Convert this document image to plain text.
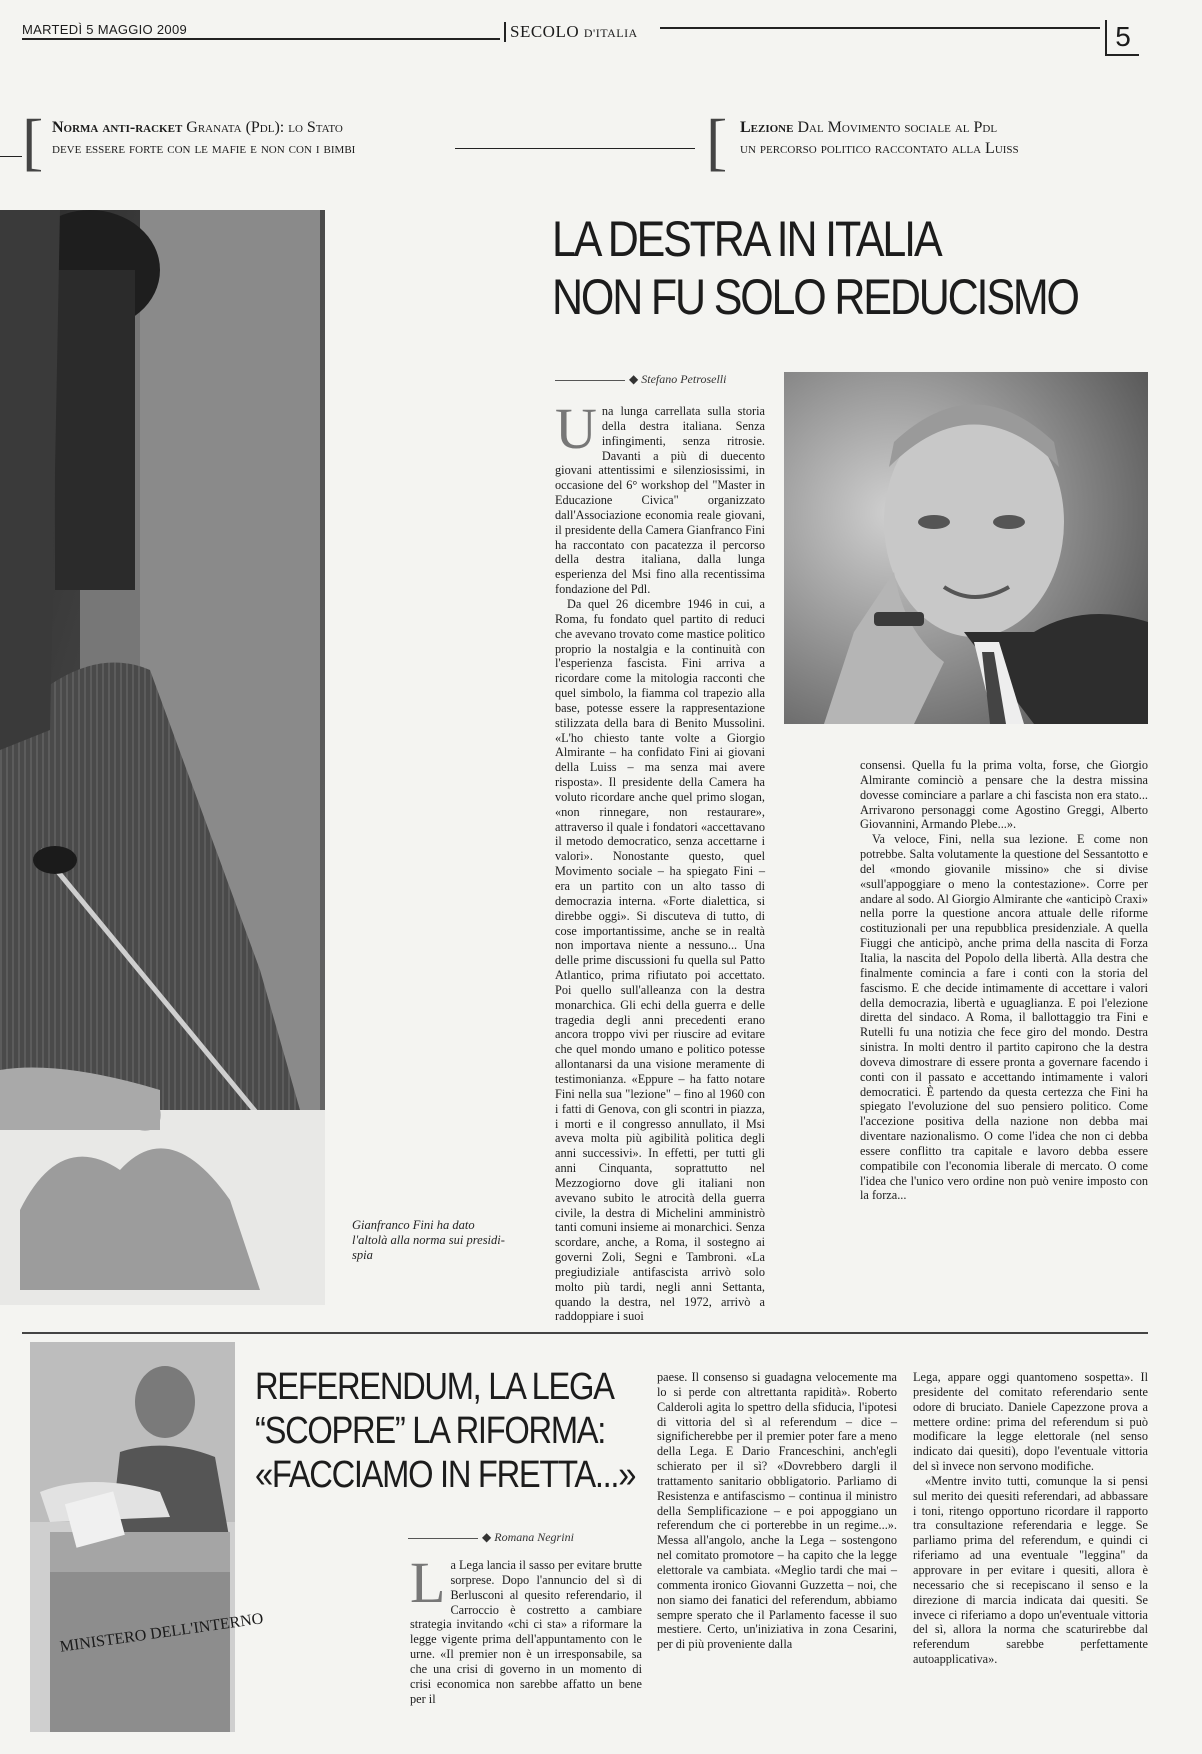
MARTEDÌ 5 MAGGIO 2009	SECOLO D'ITALIA	5
[ Norma anti-racket Granata (Pdl): lo Stato
deve essere forte con le mafie e non con i bimbi	[ Lezione Dal Movimento sociale al Pdl
un percorso politico raccontato alla Luiss
Gianfranco Fini ha dato l'altolà alla norma sui presidi-spia
LA DESTRA IN ITALIA
NON FU SOLO REDUCISMO
◆ Stefano Petroselli
U na lunga carrellata sulla storia della destra italiana. Senza infingimenti, senza ritrosie. Davanti a più di duecento giovani attentissimi e silenziosissimi, in occasione del 6° workshop del "Master in Educazione Civica" organizzato dall'Associazione economia reale giovani, il presidente della Camera Gianfranco Fini ha raccontato con pacatezza il percorso della destra italiana, dalla lunga esperienza del Msi fino alla recentissima fondazione del Pdl.

Da quel 26 dicembre 1946 in cui, a Roma, fu fondato quel partito di reduci che avevano trovato come mastice politico proprio la nostalgia e la continuità con l'esperienza fascista. Fini arriva a ricordare come la mitologia racconti che quel simbolo, la fiamma col trapezio alla base, potesse essere la rappresentazione stilizzata della bara di Benito Mussolini. «L'ho chiesto tante volte a Giorgio Almirante – ha confidato Fini ai giovani della Luiss – ma senza mai avere risposta». Il presidente della Camera ha voluto ricordare anche quel primo slogan, «non rinnegare, non restaurare», attraverso il quale i fondatori «accettavano il metodo democratico, senza accettarne i valori». Nonostante questo, quel Movimento sociale – ha spiegato Fini – era un partito con un alto tasso di democrazia interna. «Forte dialettica, si direbbe oggi». Si discuteva di tutto, di cose importantissime, anche se in realtà non importava niente a nessuno... Una delle prime discussioni fu quella sul Patto Atlantico, prima rifiutato poi accettato. Poi quello sull'alleanza con la destra monarchica. Gli echi della guerra e delle tragedia degli anni precedenti erano ancora troppo vivi per riuscire ad evitare che quel mondo umano e politico potesse allontanarsi da una visione meramente di testimonianza. «Eppure – ha fatto notare Fini nella sua "lezione" – fino al 1960 con i fatti di Genova, con gli scontri in piazza, i morti e il congresso annullato, il Msi aveva molta più agibilità politica degli anni successivi». In effetti, per tutti gli anni Cinquanta, soprattutto nel Mezzogiorno dove gli italiani non avevano subito le atrocità della guerra civile, la destra di Michelini amministrò tanti comuni insieme ai monarchici. Senza scordare, anche, a Roma, il sostegno ai governi Zoli, Segni e Tambroni. «La pregiudiziale antifascista arrivò solo molto più tardi, negli anni Settanta, quando la destra, nel 1972, arrivò a raddoppiare i suoi

consensi. Quella fu la prima volta, forse, che Giorgio Almirante cominciò a pensare che la destra missina dovesse cominciare a parlare a chi fascista non era stato... Arrivarono personaggi come Agostino Greggi, Alberto Giovannini, Armando Plebe...».

Va veloce, Fini, nella sua lezione. E come non potrebbe. Salta volutamente la questione del Sessantotto e del «mondo giovanile missino» che si divise «sull'appoggiare o meno la contestazione». Corre per andare al sodo. Al Giorgio Almirante che «anticipò Craxi» nella porre la questione ancora attuale delle riforme costituzionali per una repubblica presidenziale. A quella Fiuggi che anticipò, anche prima della nascita di Forza Italia, la nascita del Popolo della libertà. Alla destra che finalmente comincia a fare i conti con la storia del fascismo. E che decide intimamente di accettare i valori della democrazia, libertà e uguaglianza. E poi l'elezione diretta del sindaco. A Roma, il ballottaggio tra Fini e Rutelli fu una notizia che fece giro del mondo. Destra sinistra. In molti dentro il partito capirono che la destra doveva dimostrare di essere pronta a governare facendo i conti con il passato e accettando intimamente i valori democratici. È partendo da questa certezza che Fini ha spiegato l'evoluzione del suo pensiero politico. Come l'accezione positiva della nazione non debba mai diventare nazionalismo. O come l'idea che non ci debba essere conflitto tra capitale e lavoro debba essere compatibile con l'economia liberale di mercato. O come l'idea che l'unico vero ordine non può venire imposto con la forza...

MINISTERO DELL'INTERNO
REFERENDUM, LA LEGA
“SCOPRE” LA RIFORMA:
«FACCIAMO IN FRETTA...»
◆ Romana Negrini
L a Lega lancia il sasso per evitare brutte sorprese. Dopo l'annuncio del sì di Berlusconi al quesito referendario, il Carroccio è costretto a cambiare strategia invitando «chi ci sta» a riformare la legge vigente prima dell'appuntamento con le urne. «Il premier non è un irresponsabile, sa che una crisi di governo in un momento di crisi economica non sarebbe affatto un bene per il

paese. Il consenso si guadagna velocemente ma lo si perde con altrettanta rapidità». Roberto Calderoli agita lo spettro della sfiducia, l'ipotesi di vittoria del sì al referendum – dice – significherebbe per il premier poter fare a meno della Lega. E Dario Franceschini, anch'egli schierato per il sì? «Dovrebbero dargli il trattamento sanitario obbligatorio. Parliamo di Resistenza e antifascismo – continua il ministro della Semplificazione – e poi appoggiano un referendum che ci porterebbe in un regime...». Messa all'angolo, anche la Lega – sostengono nel comitato promotore – ha capito che la legge elettorale va cambiata. «Meglio tardi che mai – commenta ironico Giovanni Guzzetta – noi, che non siamo dei fanatici del referendum, abbiamo sempre sperato che il Parlamento facesse il suo mestiere. Certo, un'iniziativa in zona Cesarini, per di più proveniente dalla

Lega, appare oggi quantomeno sospetta». Il presidente del comitato referendario sente odore di bruciato. Daniele Capezzone prova a mettere ordine: prima del referendum si può modificare la legge elettorale (nel senso indicato dai quesiti), dopo l'eventuale vittoria del sì invece non servono modifiche.

«Mentre invito tutti, comunque la si pensi sul merito dei quesiti referendari, ad abbassare i toni, ritengo opportuno ricordare il rapporto tra consultazione referendaria e legge. Se parliamo prima del referendum, e quindi ci riferiamo ad una eventuale "leggina" da approvare in per evitare i quesiti, allora è necessario che si recepiscano il senso e la direzione di marcia indicata dai quesiti. Se invece ci riferiamo a dopo un'eventuale vittoria del sì, allora la norma che scaturirebbe dal referendum sarebbe perfettamente autoapplicativa».
